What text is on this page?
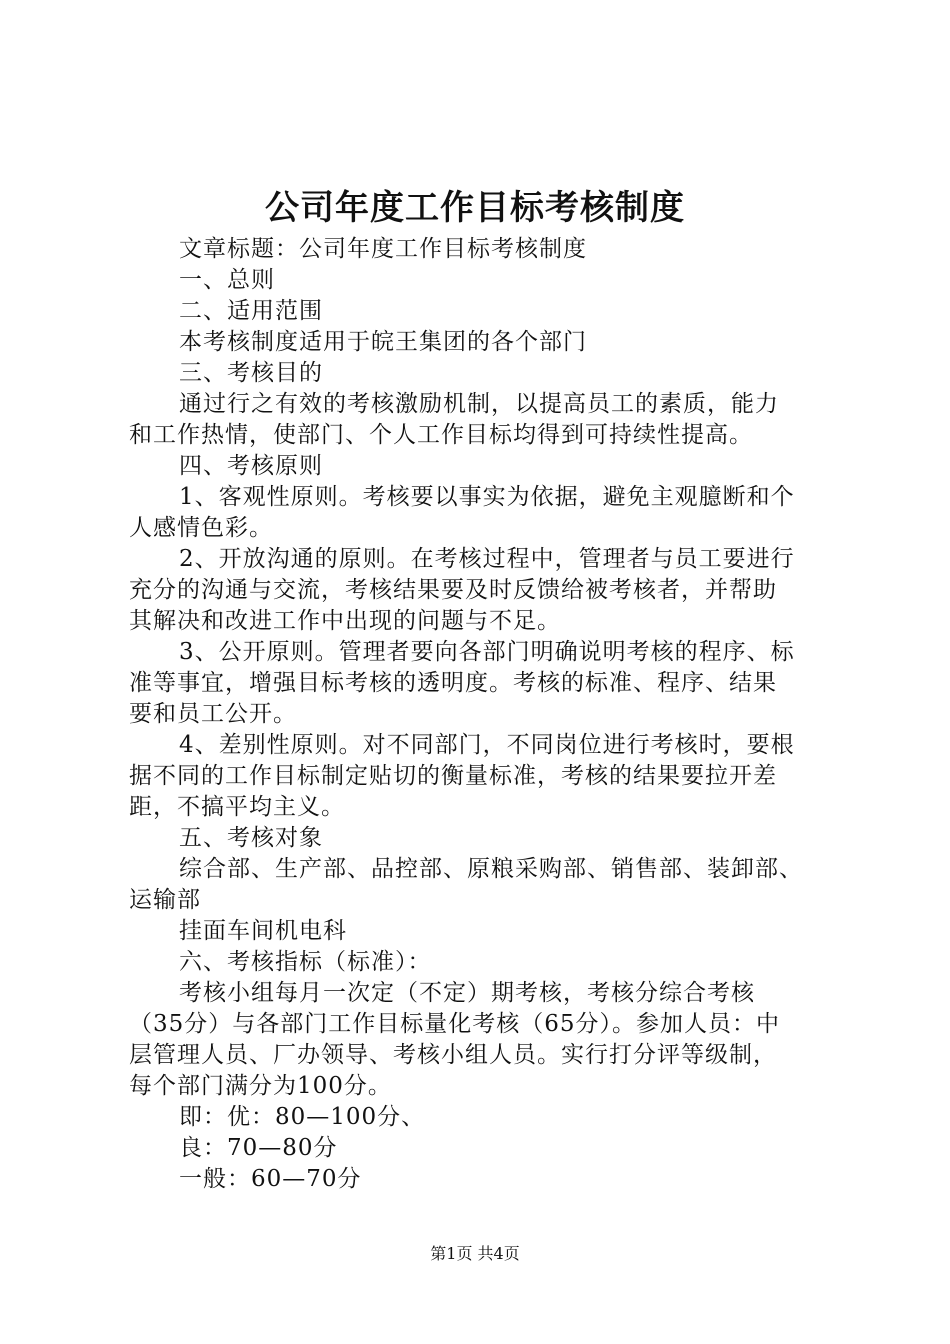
公司年度工作目标考核制度
文章标题：公司年度工作目标考核制度
一、总则
二、适用范围
本考核制度适用于皖王集团的各个部门
三、考核目的
通过行之有效的考核激励机制，以提高员工的素质，能力
和工作热情，使部门、个人工作目标均得到可持续性提高。
四、考核原则
1、客观性原则。考核要以事实为依据，避免主观臆断和个
人感情色彩。
2、开放沟通的原则。在考核过程中，管理者与员工要进行
充分的沟通与交流，考核结果要及时反馈给被考核者，并帮助
其解决和改进工作中出现的问题与不足。
3、公开原则。管理者要向各部门明确说明考核的程序、标
准等事宜，增强目标考核的透明度。考核的标准、程序、结果
要和员工公开。
4、差别性原则。对不同部门，不同岗位进行考核时，要根
据不同的工作目标制定贴切的衡量标准，考核的结果要拉开差
距，不搞平均主义。
五、考核对象
综合部、生产部、品控部、原粮采购部、销售部、装卸部、
运输部
挂面车间机电科
六、考核指标（标准）：
考核小组每月一次定（不定）期考核，考核分综合考核
（35分）与各部门工作目标量化考核（65分）。参加人员：中
层管理人员、厂办领导、考核小组人员。实行打分评等级制，
每个部门满分为100分。
即：优：80—100分、
良：70—80分
一般：60—70分
第1页 共4页
